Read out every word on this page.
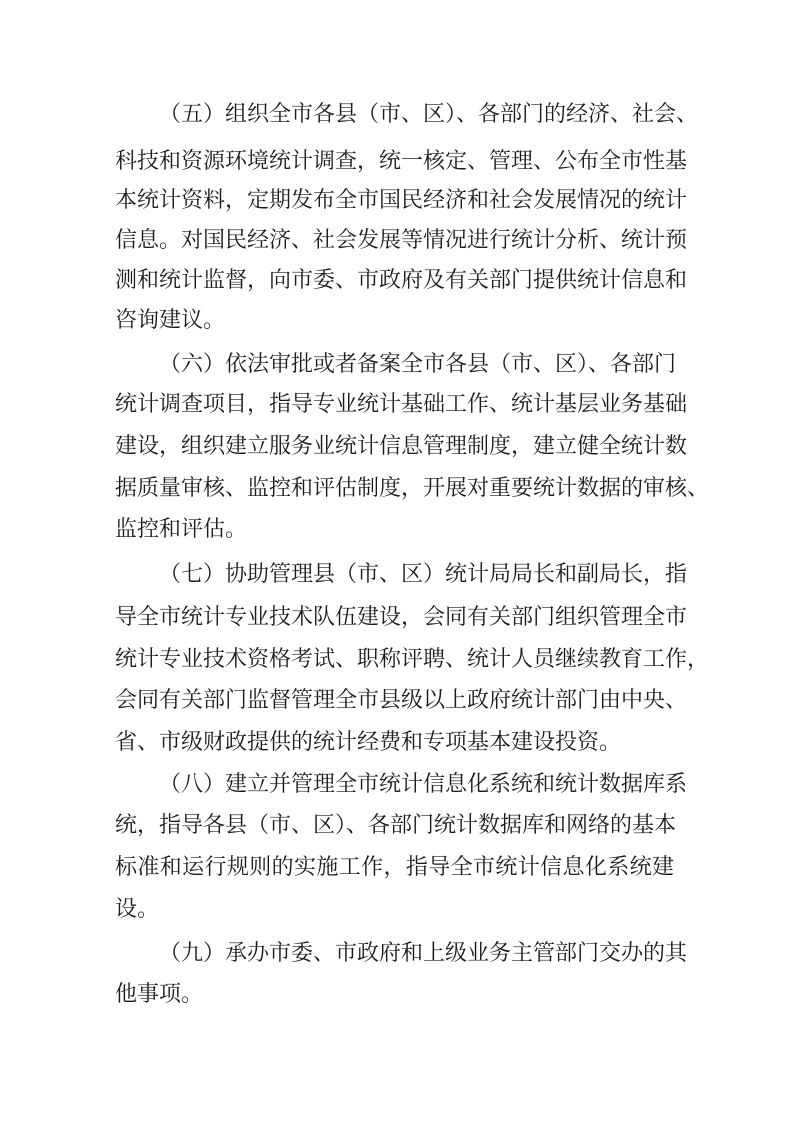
（五）组织全市各县（市、区）、各部门的经济、社会、
科技和资源环境统计调查，统一核定、管理、公布全市性基
本统计资料，定期发布全市国民经济和社会发展情况的统计
信息。对国民经济、社会发展等情况进行统计分析、统计预
测和统计监督，向市委、市政府及有关部门提供统计信息和
咨询建议。
（六）依法审批或者备案全市各县（市、区）、各部门
统计调查项目，指导专业统计基础工作、统计基层业务基础
建设，组织建立服务业统计信息管理制度，建立健全统计数
据质量审核、监控和评估制度，开展对重要统计数据的审核、
监控和评估。
（七）协助管理县（市、区）统计局局长和副局长，指
导全市统计专业技术队伍建设，会同有关部门组织管理全市
统计专业技术资格考试、职称评聘、统计人员继续教育工作，
会同有关部门监督管理全市县级以上政府统计部门由中央、
省、市级财政提供的统计经费和专项基本建设投资。
（八）建立并管理全市统计信息化系统和统计数据库系
统，指导各县（市、区）、各部门统计数据库和网络的基本
标准和运行规则的实施工作，指导全市统计信息化系统建
设。
（九）承办市委、市政府和上级业务主管部门交办的其
他事项。
